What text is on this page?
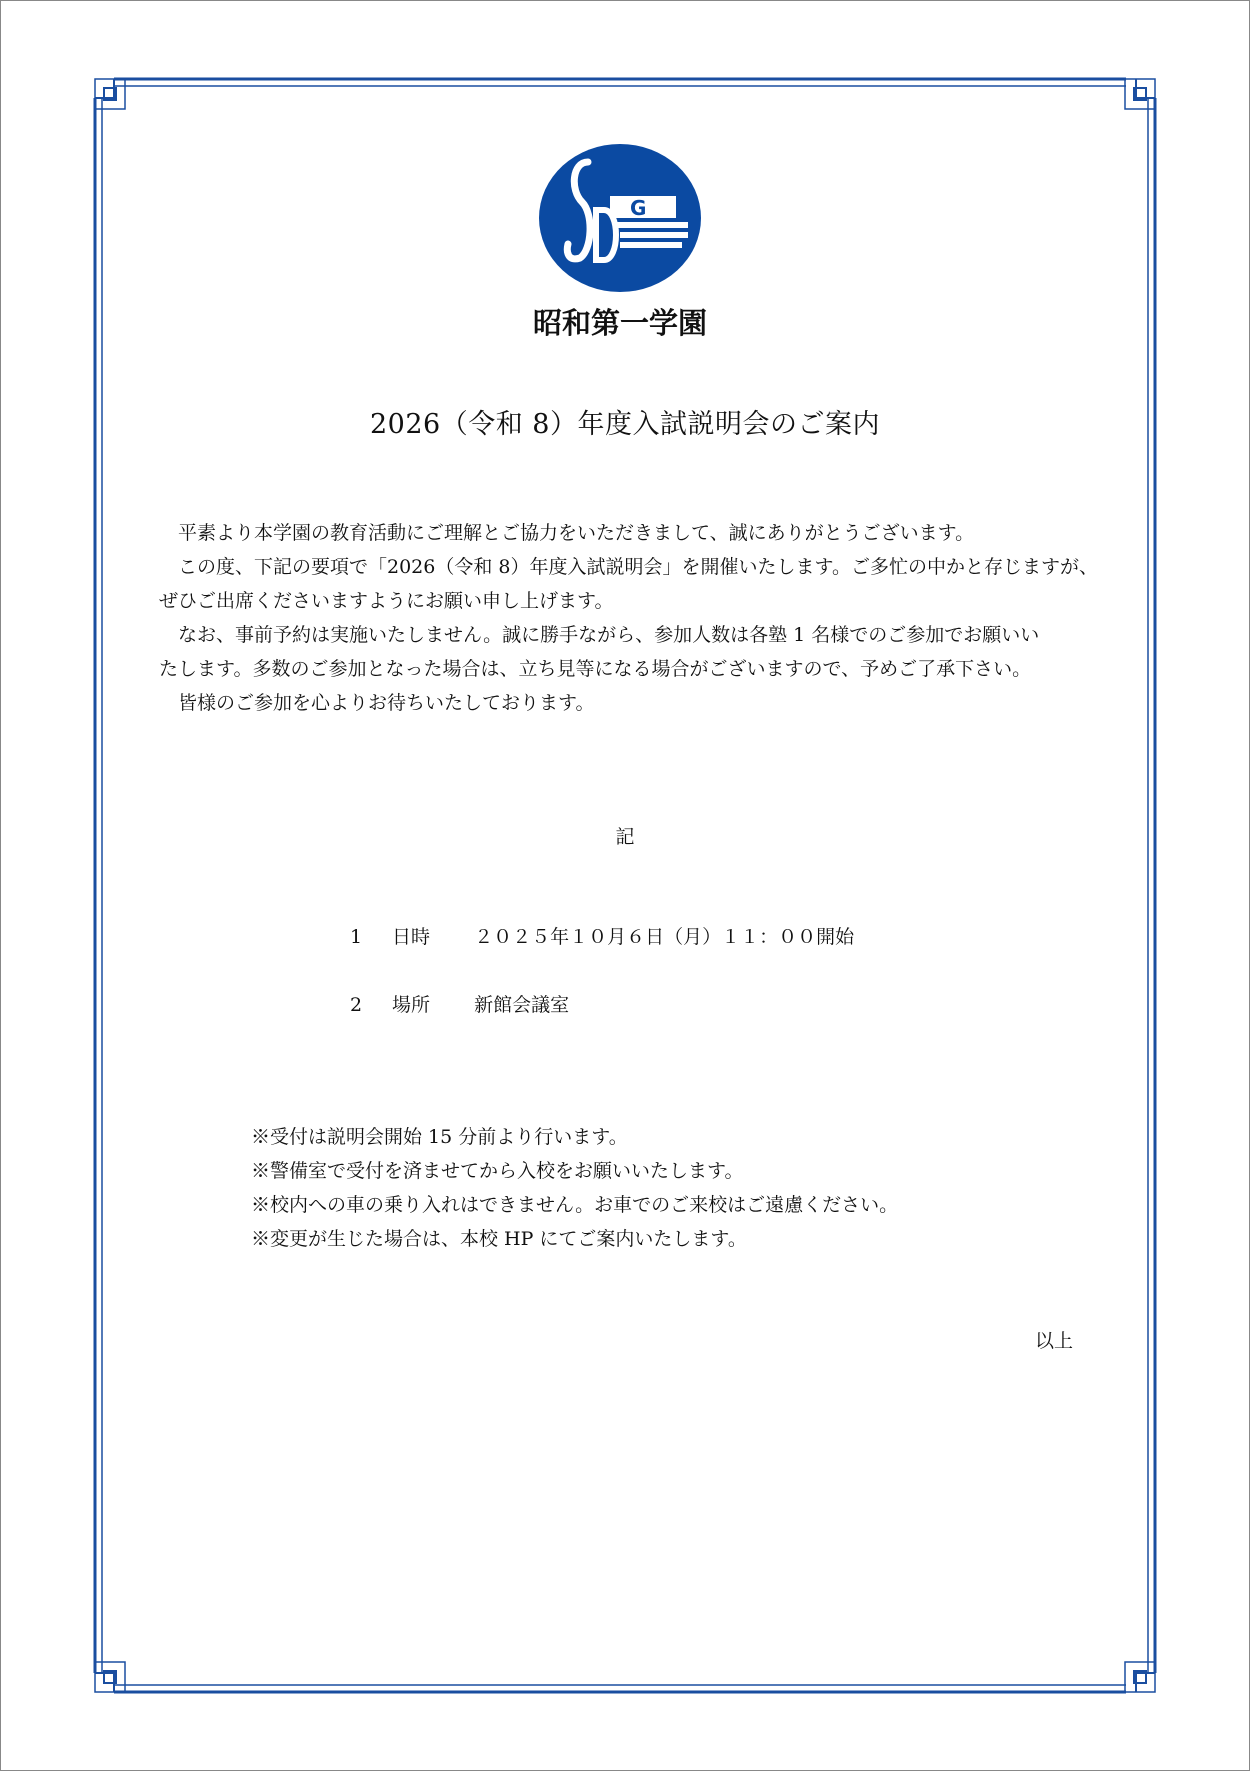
G
昭和第一学園
2026（令和 8）年度入試説明会のご案内

平素より本学園の教育活動にご理解とご協力をいただきまして、誠にありがとうございます。

この度、下記の要項で「2026（令和 8）年度入試説明会」を開催いたします。ご多忙の中かと存じますが、

ぜひご出席くださいますようにお願い申し上げます。

なお、事前予約は実施いたしません。誠に勝手ながら、参加人数は各塾 1 名様でのご参加でお願いい

たします。多数のご参加となった場合は、立ち見等になる場合がございますので、予めご了承下さい。

皆様のご参加を心よりお待ちいたしております。

記
1 日時 ２０２５年１０月６日（月）１１：００開始
2 場所 新館会議室
※受付は説明会開始 15 分前より行います。
※警備室で受付を済ませてから入校をお願いいたします。
※校内への車の乗り入れはできません。お車でのご来校はご遠慮ください。
※変更が生じた場合は、本校 HP にてご案内いたします。
以上
